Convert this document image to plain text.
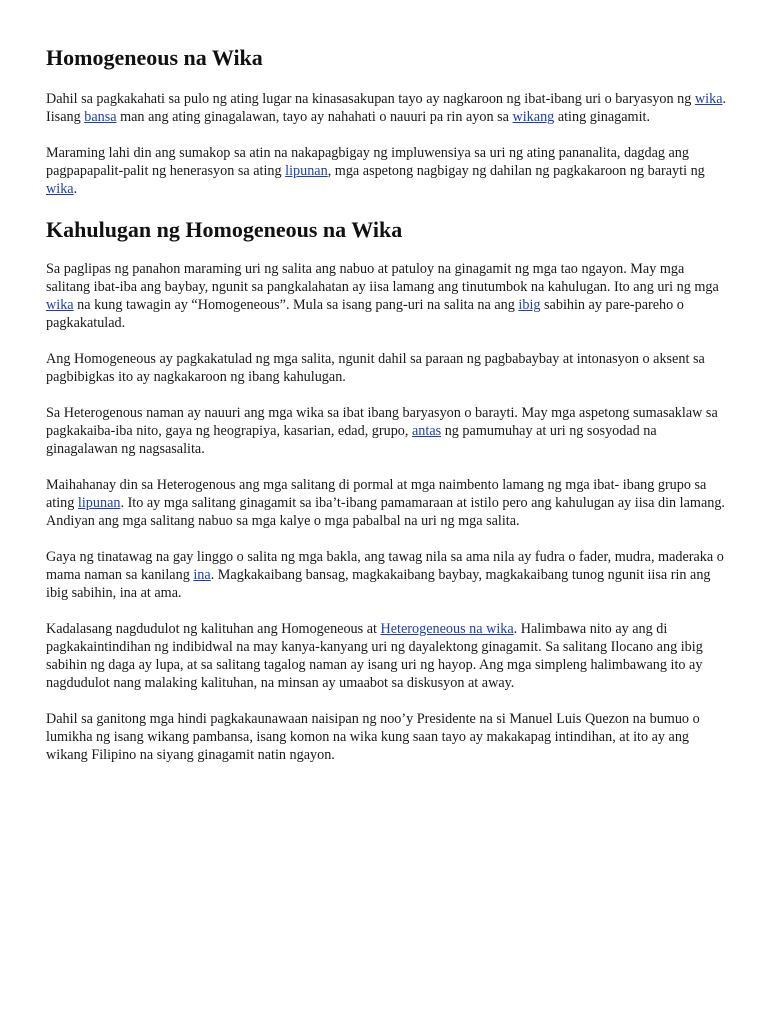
Homogeneous na Wika

Dahil sa pagkakahati sa pulo ng ating lugar na kinasasakupan tayo ay nagkaroon ng ibat-ibang uri o baryasyon ng wika. Iisang bansa man ang ating ginagalawan, tayo ay nahahati o nauuri pa rin ayon sa wikang ating ginagamit.

Maraming lahi din ang sumakop sa atin na nakapagbigay ng impluwensiya sa uri ng ating pananalita, dagdag ang pagpapapalit-palit ng henerasyon sa ating lipunan, mga aspetong nagbigay ng dahilan ng pagkakaroon ng barayti ng wika.

Kahulugan ng Homogeneous na Wika

Sa paglipas ng panahon maraming uri ng salita ang nabuo at patuloy na ginagamit ng mga tao ngayon. May mga salitang ibat-iba ang baybay, ngunit sa pangkalahatan ay iisa lamang ang tinutumbok na kahulugan. Ito ang uri ng mga wika na kung tawagin ay “Homogeneous”. Mula sa isang pang-uri na salita na ang ibig sabihin ay pare-pareho o pagkakatulad.

Ang Homogeneous ay pagkakatulad ng mga salita, ngunit dahil sa paraan ng pagbabaybay at intonasyon o aksent sa pagbibigkas ito ay nagkakaroon ng ibang kahulugan.

Sa Heterogenous naman ay nauuri ang mga wika sa ibat ibang baryasyon o barayti. May mga aspetong sumasaklaw sa pagkakaiba-iba nito, gaya ng heograpiya, kasarian, edad, grupo, antas ng pamumuhay at uri ng sosyodad na ginagalawan ng nagsasalita.

Maihahanay din sa Heterogenous ang mga salitang di pormal at mga naimbento lamang ng mga ibat- ibang grupo sa ating lipunan. Ito ay mga salitang ginagamit sa iba’t-ibang pamamaraan at istilo pero ang kahulugan ay iisa din lamang. Andiyan ang mga salitang nabuo sa mga kalye o mga pabalbal na uri ng mga salita.

Gaya ng tinatawag na gay linggo o salita ng mga bakla, ang tawag nila sa ama nila ay fudra o fader, mudra, maderaka o mama naman sa kanilang ina. Magkakaibang bansag, magkakaibang baybay, magkakaibang tunog ngunit iisa rin ang ibig sabihin, ina at ama.

Kadalasang nagdudulot ng kalituhan ang Homogeneous at Heterogeneous na wika. Halimbawa nito ay ang di pagkakaintindihan ng indibidwal na may kanya-kanyang uri ng dayalektong ginagamit. Sa salitang Ilocano ang ibig sabihin ng daga ay lupa, at sa salitang tagalog naman ay isang uri ng hayop. Ang mga simpleng halimbawang ito ay nagdudulot nang malaking kalituhan, na minsan ay umaabot sa diskusyon at away.

Dahil sa ganitong mga hindi pagkakaunawaan naisipan ng noo’y Presidente na si Manuel Luis Quezon na bumuo o lumikha ng isang wikang pambansa, isang komon na wika kung saan tayo ay makakapag intindihan, at ito ay ang wikang Filipino na siyang ginagamit natin ngayon.
